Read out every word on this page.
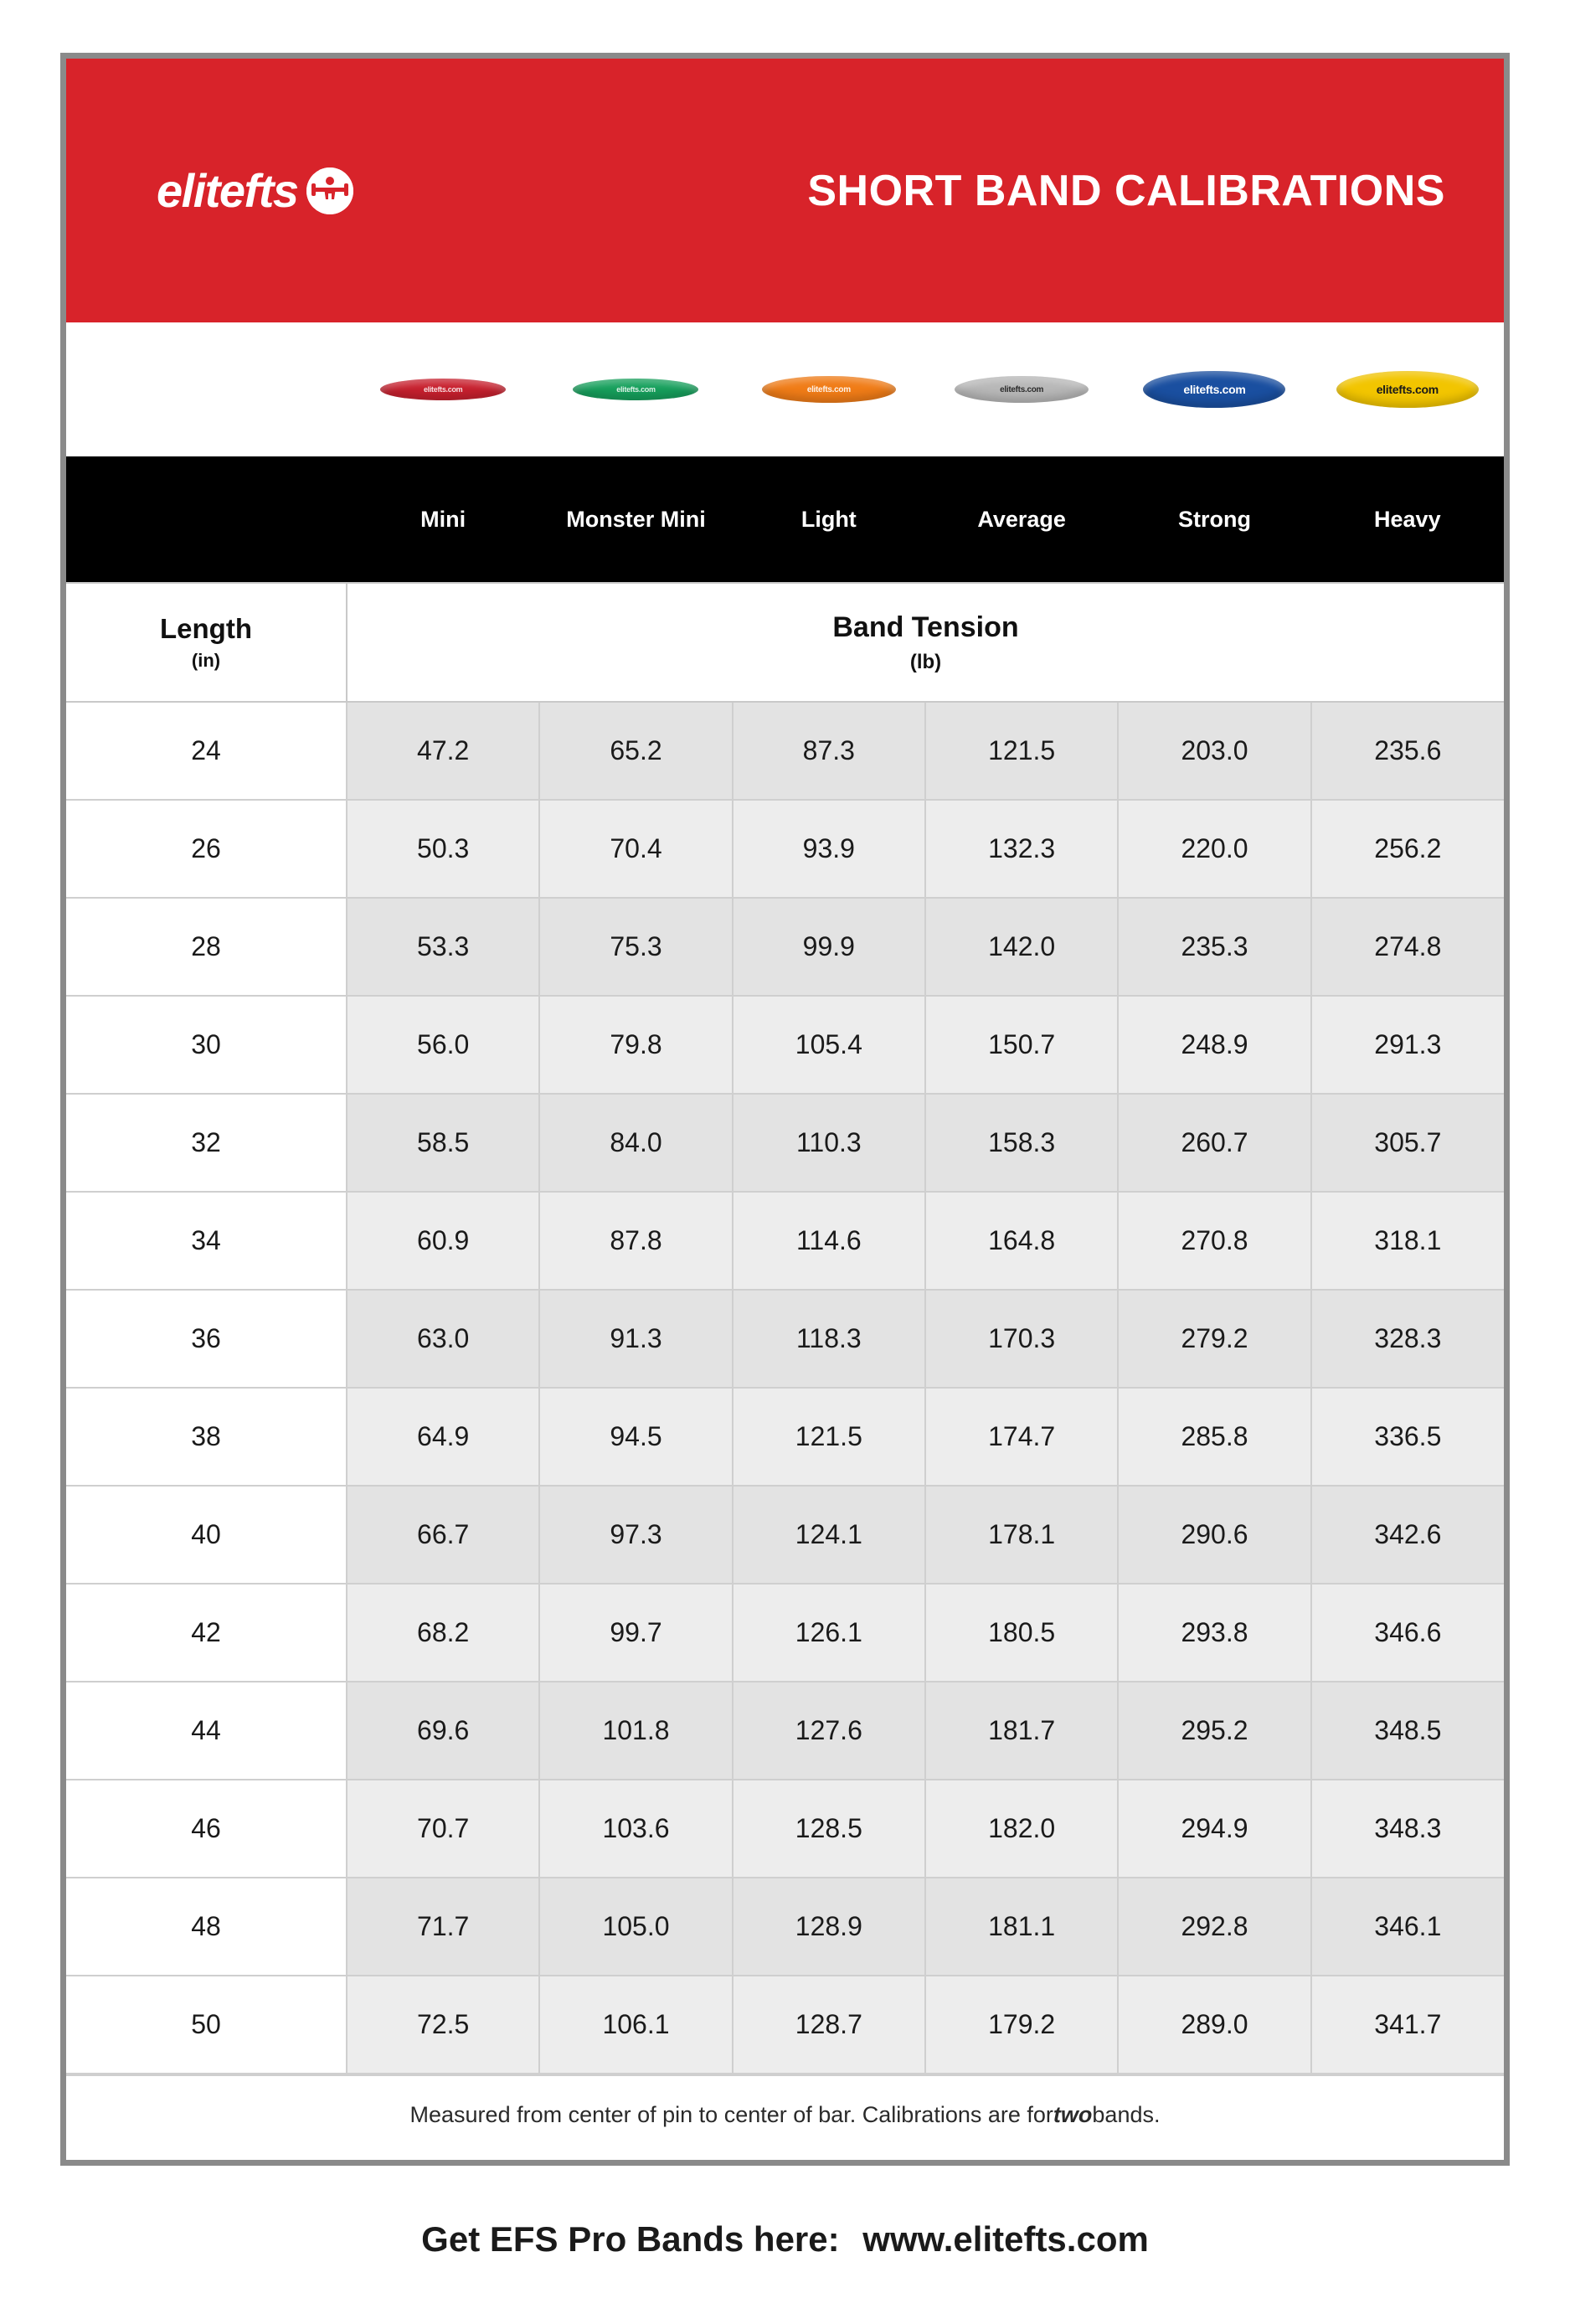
elitefts	SHORT BAND CALIBRATIONS
elitefts.com	elitefts.com	elitefts.com	elitefts.com	elitefts.com	elitefts.com
	Mini	Monster Mini	Light	Average	Strong	Heavy
Length
(in)	Band Tension
(lb)					

24	47.2	65.2	87.3	121.5	203.0	235.6
26	50.3	70.4	93.9	132.3	220.0	256.2
28	53.3	75.3	99.9	142.0	235.3	274.8
30	56.0	79.8	105.4	150.7	248.9	291.3
32	58.5	84.0	110.3	158.3	260.7	305.7
34	60.9	87.8	114.6	164.8	270.8	318.1
36	63.0	91.3	118.3	170.3	279.2	328.3
38	64.9	94.5	121.5	174.7	285.8	336.5
40	66.7	97.3	124.1	178.1	290.6	342.6
42	68.2	99.7	126.1	180.5	293.8	346.6
44	69.6	101.8	127.6	181.7	295.2	348.5
46	70.7	103.6	128.5	182.0	294.9	348.3
48	71.7	105.0	128.9	181.1	292.8	346.1
50	72.5	106.1	128.7	179.2	289.0	341.7
Measured from center of pin to center of bar. Calibrations are for two bands.
Get EFS Pro Bands here: www.elitefts.com
